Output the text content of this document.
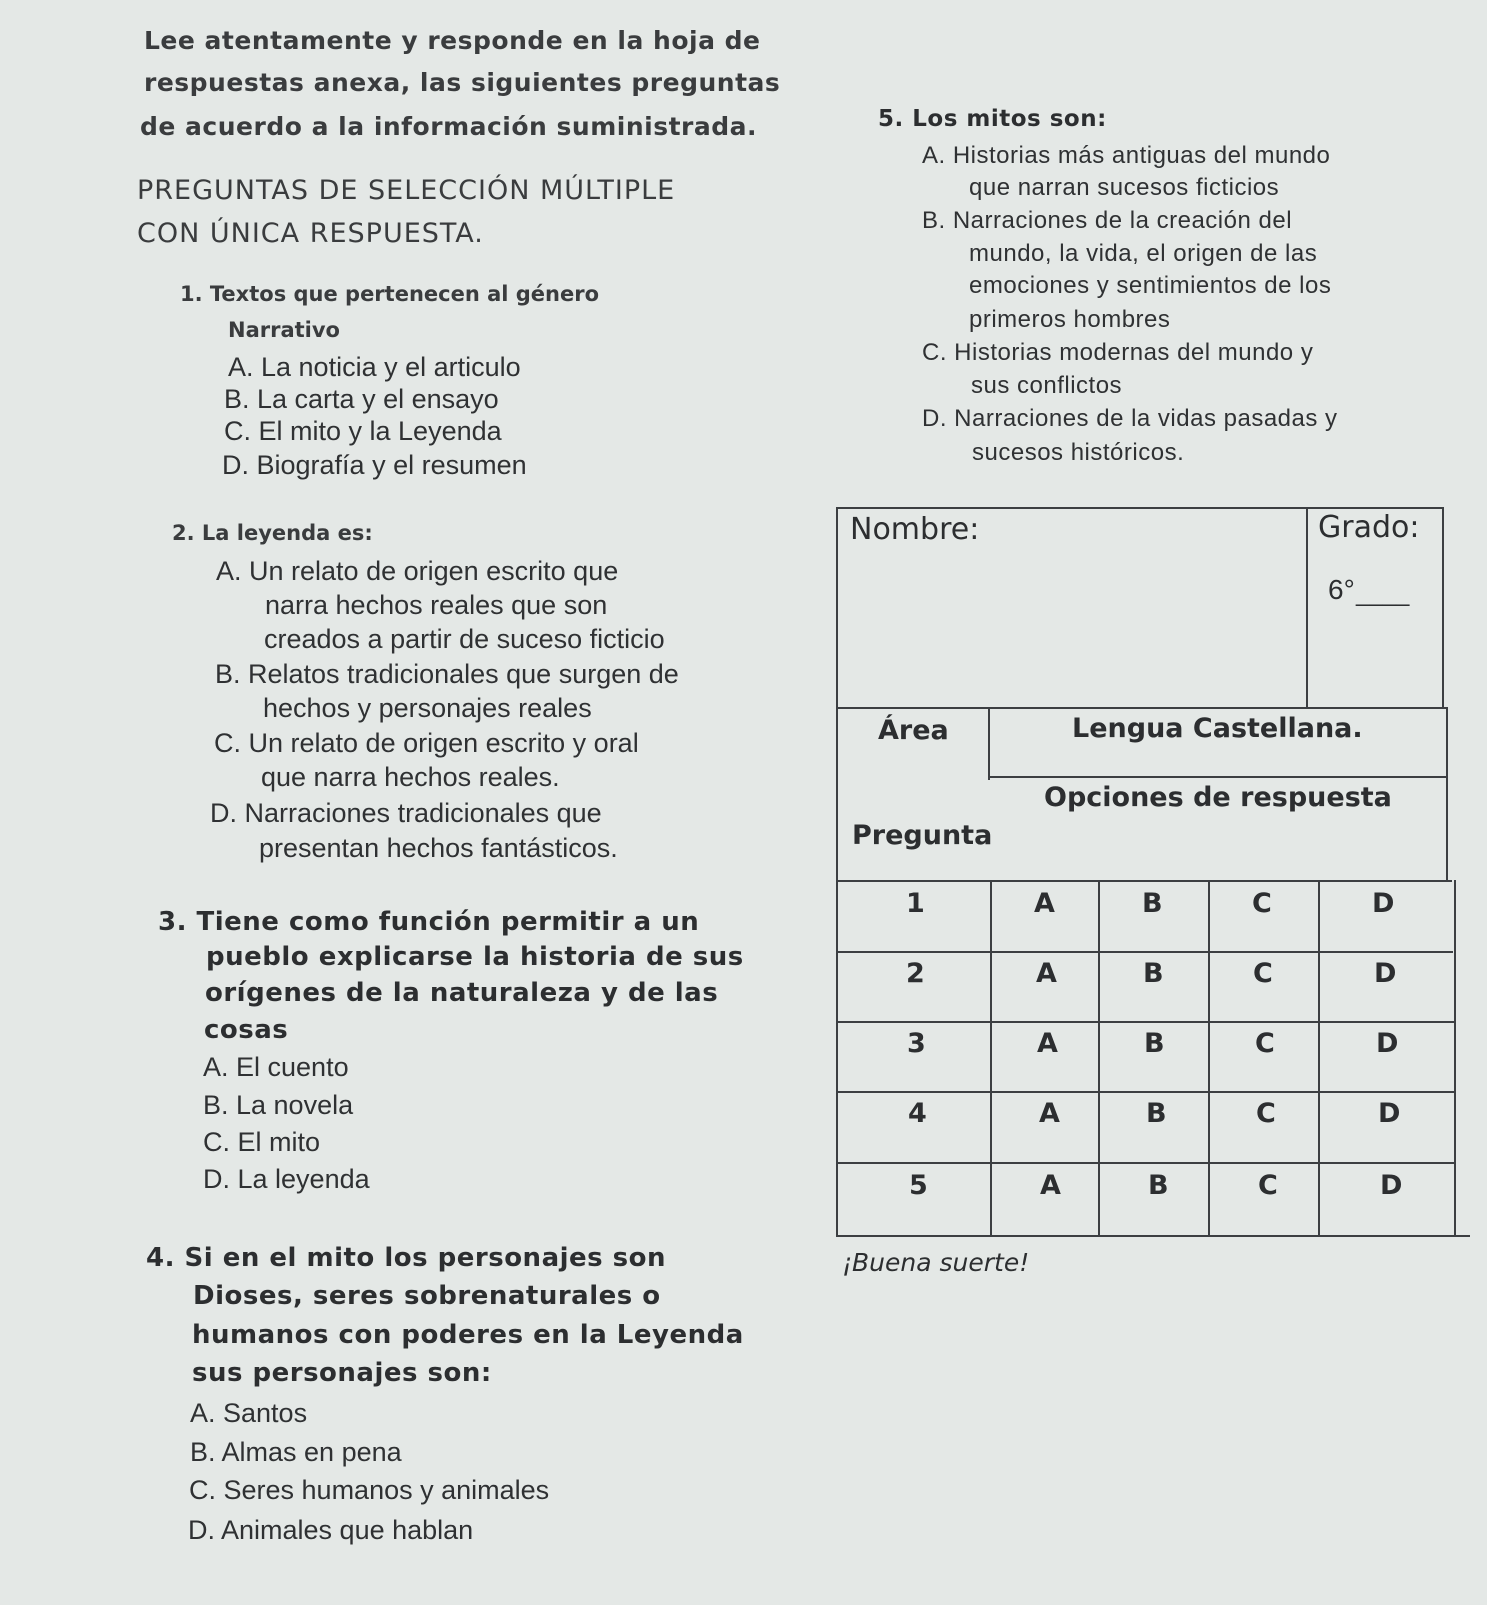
Lee atentamente y responde en la hoja de
respuestas anexa, las siguientes preguntas
de acuerdo a la información suministrada.
PREGUNTAS DE SELECCIÓN MÚLTIPLE
CON ÚNICA RESPUESTA.
1. Textos que pertenecen al género
Narrativo
A. La noticia y el articulo
B. La carta y el ensayo
C. El mito y la Leyenda
D. Biografía y el resumen
2. La leyenda es:
A. Un relato de origen escrito que
narra hechos reales que son
creados a partir de suceso ficticio
B. Relatos tradicionales que surgen de
hechos y personajes reales
C. Un relato de origen escrito y oral
que narra hechos reales.
D. Narraciones tradicionales que
presentan hechos fantásticos.
3. Tiene como función permitir a un
pueblo explicarse la historia de sus
orígenes de la naturaleza y de las
cosas
A. El cuento
B. La novela
C. El mito
D. La leyenda
4. Si en el mito los personajes son
Dioses, seres sobrenaturales o
humanos con poderes en la Leyenda
sus personajes son:
A. Santos
B. Almas en pena
C. Seres humanos y animales
D. Animales que hablan
5. Los mitos son:
A. Historias más antiguas del mundo
que narran sucesos ficticios
B. Narraciones de la creación del
mundo, la vida, el origen de las
emociones y sentimientos de los
primeros hombres
C. Historias modernas del mundo y
sus conflictos
D. Narraciones de la vidas pasadas y
sucesos históricos.
Nombre:	Grado:
6° ____
Área	Lengua Castellana.
Opciones de respuesta
Pregunta
1	A	B	C	D
2	A	B	C	D
3	A	B	C	D
4	A	B	C	D
5	A	B	C	D
¡Buena suerte!
